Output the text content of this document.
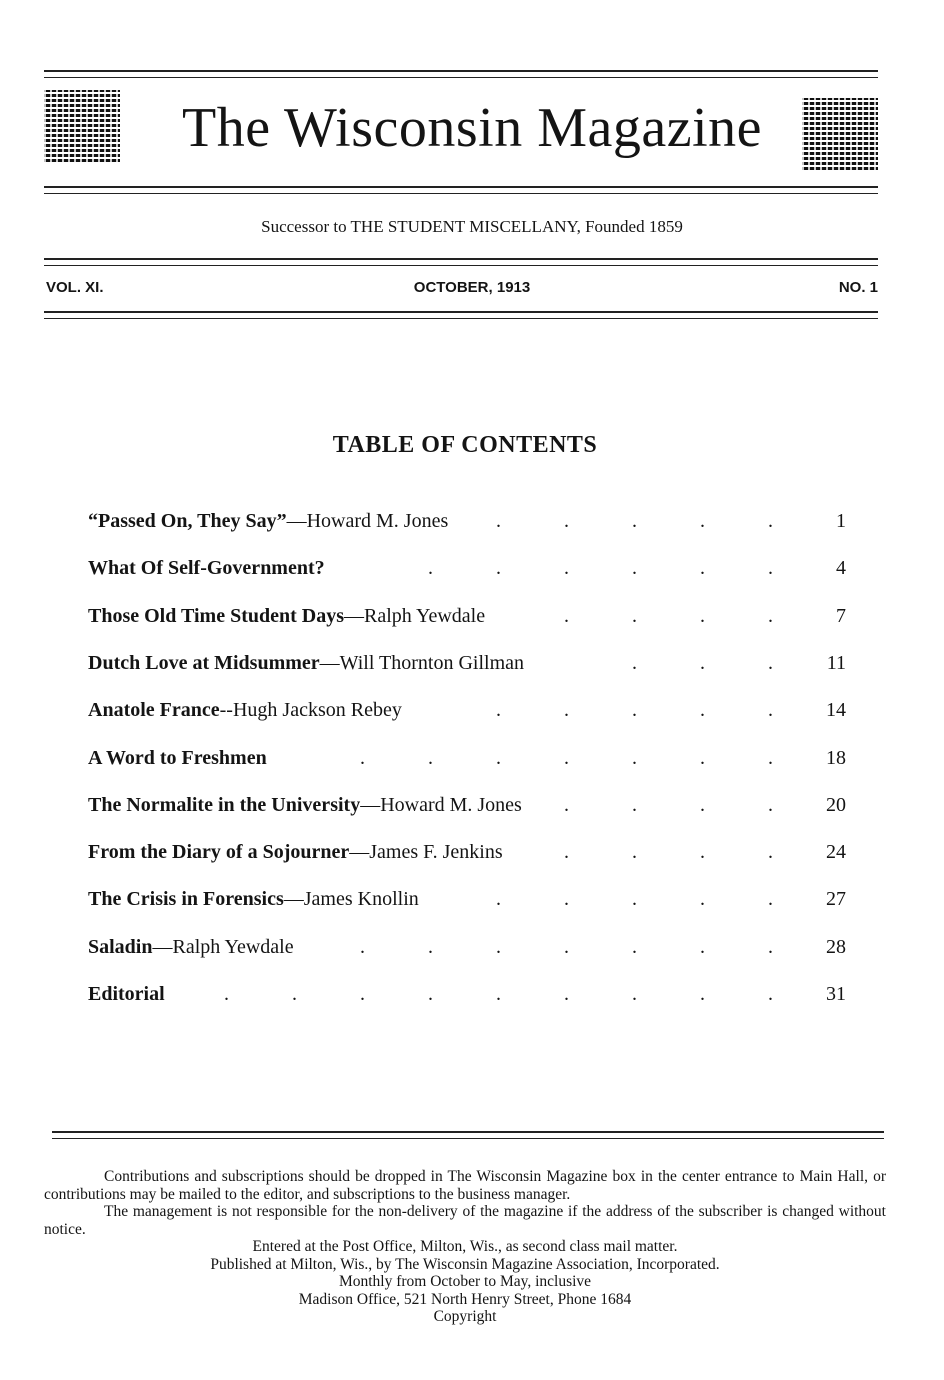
The Wisconsin Magazine
Successor to THE STUDENT MISCELLANY, Founded 1859
VOL. XI.	OCTOBER, 1913	NO. 1
TABLE OF CONTENTS
“Passed On, They Say”—Howard M. Jones	1
.
.
.
.
.
What Of Self-Government?	4
.
.
.
.
.
.
Those Old Time Student Days—Ralph Yewdale	7
.
.
.
.
Dutch Love at Midsummer—Will Thornton Gillman	11
.
.
.
Anatole France--Hugh Jackson Rebey	14
.
.
.
.
.
A Word to Freshmen	18
.
.
.
.
.
.
.
The Normalite in the University—Howard M. Jones	20
.
.
.
.
From the Diary of a Sojourner—James F. Jenkins	24
.
.
.
.
The Crisis in Forensics—James Knollin	27
.
.
.
.
.
Saladin—Ralph Yewdale	28
.
.
.
.
.
.
.
Editorial	31
.
.
.
.
.
.
.
.
.

Contributions and subscriptions should be dropped in The Wisconsin Magazine box in the center entrance to Main Hall, or contributions may be mailed to the editor, and subscriptions to the business manager.

The management is not responsible for the non-delivery of the magazine if the address of the subscriber is changed without notice.

Entered at the Post Office, Milton, Wis., as second class mail matter.

Published at Milton, Wis., by The Wisconsin Magazine Association, Incorporated.

Monthly from October to May, inclusive

Madison Office, 521 North Henry Street, Phone 1684

Copyright
